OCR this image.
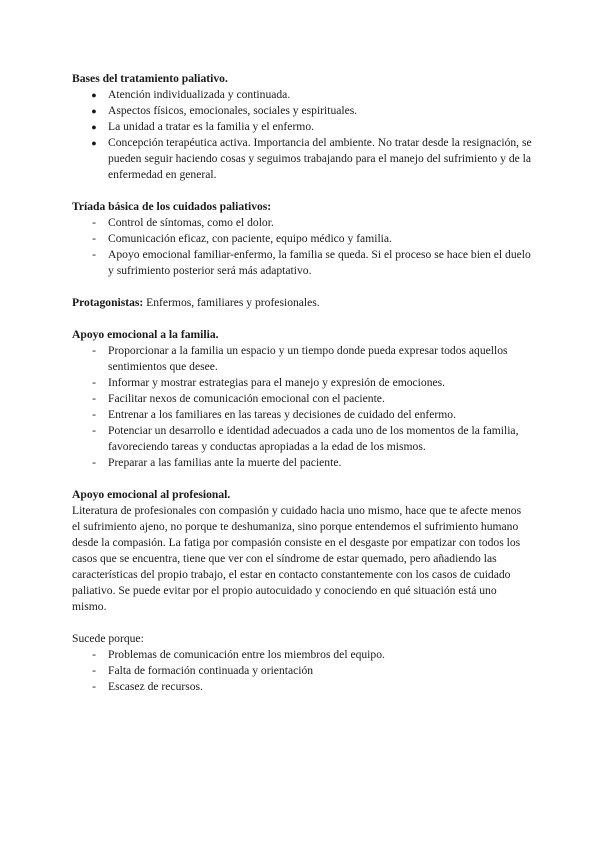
Bases del tratamiento paliativo.

● Atención individualizada y continuada.
● Aspectos físicos, emocionales, sociales y espirituales.
● La unidad a tratar es la familia y el enfermo.
● Concepción terapéutica activa. Importancia del ambiente. No tratar desde la resignación, se pueden seguir haciendo cosas y seguimos trabajando para el manejo del sufrimiento y de la enfermedad en general.

Tríada básica de los cuidados paliativos:

-	Control de síntomas, como el dolor.
-	Comunicación eficaz, con paciente, equipo médico y familia.
-	Apoyo emocional familiar-enfermo, la familia se queda. Si el proceso se hace bien el duelo y sufrimiento posterior será más adaptativo.

Protagonistas: Enfermos, familiares y profesionales.

Apoyo emocional a la familia.

-	Proporcionar a la familia un espacio y un tiempo donde pueda expresar todos aquellos sentimientos que desee.
-	Informar y mostrar estrategias para el manejo y expresión de emociones.
-	Facilitar nexos de comunicación emocional con el paciente.
-	Entrenar a los familiares en las tareas y decisiones de cuidado del enfermo.
-	Potenciar un desarrollo e identidad adecuados a cada uno de los momentos de la familia, favoreciendo tareas y conductas apropiadas a la edad de los mismos.
-	Preparar a las familias ante la muerte del paciente.

Apoyo emocional al profesional.

Literatura de profesionales con compasión y cuidado hacia uno mismo, hace que te afecte menos el sufrimiento ajeno, no porque te deshumaniza, sino porque entendemos el sufrimiento humano desde la compasión. La fatiga por compasión consiste en el desgaste por empatizar con todos los casos que se encuentra, tiene que ver con el síndrome de estar quemado, pero añadiendo las características del propio trabajo, el estar en contacto constantemente con los casos de cuidado paliativo. Se puede evitar por el propio autocuidado y conociendo en qué situación está uno mismo.

Sucede porque:

-	Problemas de comunicación entre los miembros del equipo.
-	Falta de formación continuada y orientación
-	Escasez de recursos.
